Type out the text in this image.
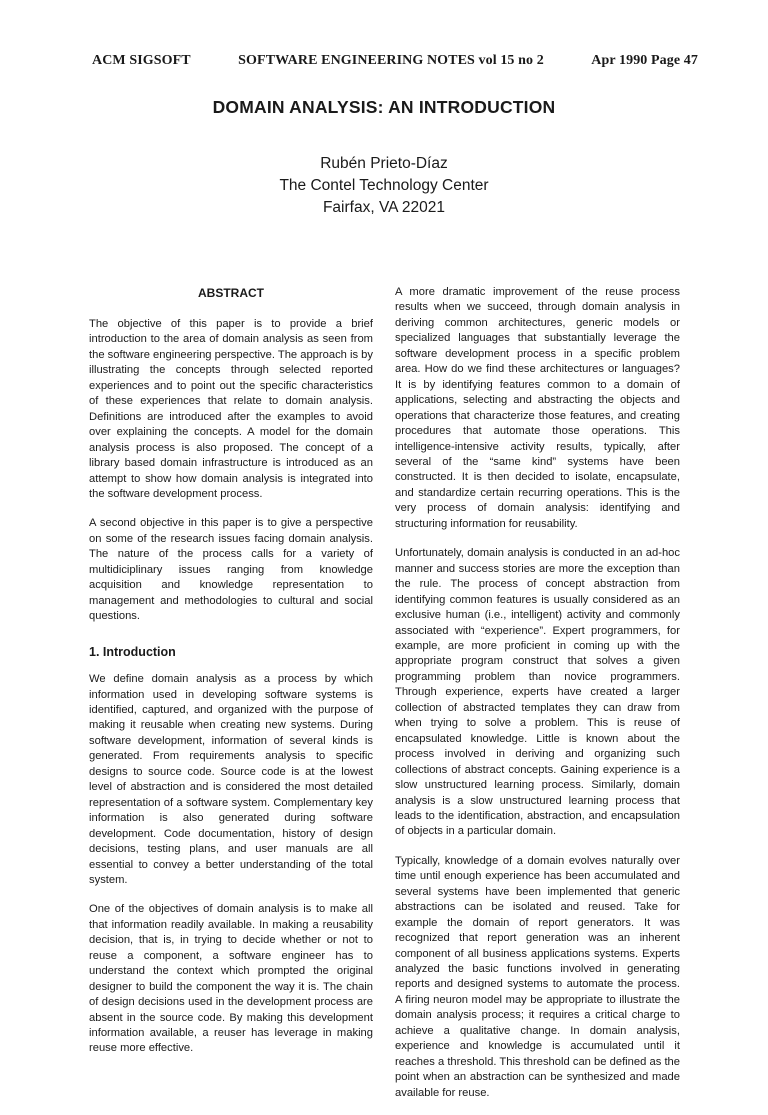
ACM SIGSOFT	SOFTWARE ENGINEERING NOTES vol 15 no 2	Apr 1990 Page 47
DOMAIN ANALYSIS: AN INTRODUCTION
Rubén Prieto-Díaz
The Contel Technology Center
Fairfax, VA 22021
ABSTRACT

The objective of this paper is to provide a brief introduction to the area of domain analysis as seen from the software engineering perspective. The approach is by illustrating the concepts through selected reported experiences and to point out the specific characteristics of these experiences that relate to domain analysis. Definitions are introduced after the examples to avoid over explaining the concepts. A model for the domain analysis process is also proposed. The concept of a library based domain infrastructure is introduced as an attempt to show how domain analysis is integrated into the software development process.

A second objective in this paper is to give a perspective on some of the research issues facing domain analysis. The nature of the process calls for a variety of multidiciplinary issues ranging from knowledge acquisition and knowledge representation to management and methodologies to cultural and social questions.

1. Introduction

We define domain analysis as a process by which information used in developing software systems is identified, captured, and organized with the purpose of making it reusable when creating new systems. During software development, information of several kinds is generated. From requirements analysis to specific designs to source code. Source code is at the lowest level of abstraction and is considered the most detailed representation of a software system. Complementary key information is also generated during software development. Code documentation, history of design decisions, testing plans, and user manuals are all essential to convey a better understanding of the total system.

One of the objectives of domain analysis is to make all that information readily available. In making a reusability decision, that is, in trying to decide whether or not to reuse a component, a software engineer has to understand the context which prompted the original designer to build the component the way it is. The chain of design decisions used in the development process are absent in the source code. By making this development information available, a reuser has leverage in making reuse more effective.

A more dramatic improvement of the reuse process results when we succeed, through domain analysis in deriving common architectures, generic models or specialized languages that substantially leverage the software development process in a specific problem area. How do we find these architectures or languages? It is by identifying features common to a domain of applications, selecting and abstracting the objects and operations that characterize those features, and creating procedures that automate those operations. This intelligence-intensive activity results, typically, after several of the “same kind” systems have been constructed. It is then decided to isolate, encapsulate, and standardize certain recurring operations. This is the very process of domain analysis: identifying and structuring information for reusability.

Unfortunately, domain analysis is conducted in an ad-hoc manner and success stories are more the exception than the rule. The process of concept abstraction from identifying common features is usually considered as an exclusive human (i.e., intelligent) activity and commonly associated with “experience”. Expert programmers, for example, are more proficient in coming up with the appropriate program construct that solves a given programming problem than novice programmers. Through experience, experts have created a larger collection of abstracted templates they can draw from when trying to solve a problem. This is reuse of encapsulated knowledge. Little is known about the process involved in deriving and organizing such collections of abstract concepts. Gaining experience is a slow unstructured learning process. Similarly, domain analysis is a slow unstructured learning process that leads to the identification, abstraction, and encapsulation of objects in a particular domain.

Typically, knowledge of a domain evolves naturally over time until enough experience has been accumulated and several systems have been implemented that generic abstractions can be isolated and reused. Take for example the domain of report generators. It was recognized that report generation was an inherent component of all business applications systems. Experts analyzed the basic functions involved in generating reports and designed systems to automate the process. A firing neuron model may be appropriate to illustrate the domain analysis process; it requires a critical charge to achieve a qualitative change. In domain analysis, experience and knowledge is accumulated until it reaches a threshold. This threshold can be defined as the point when an abstraction can be synthesized and made available for reuse.
